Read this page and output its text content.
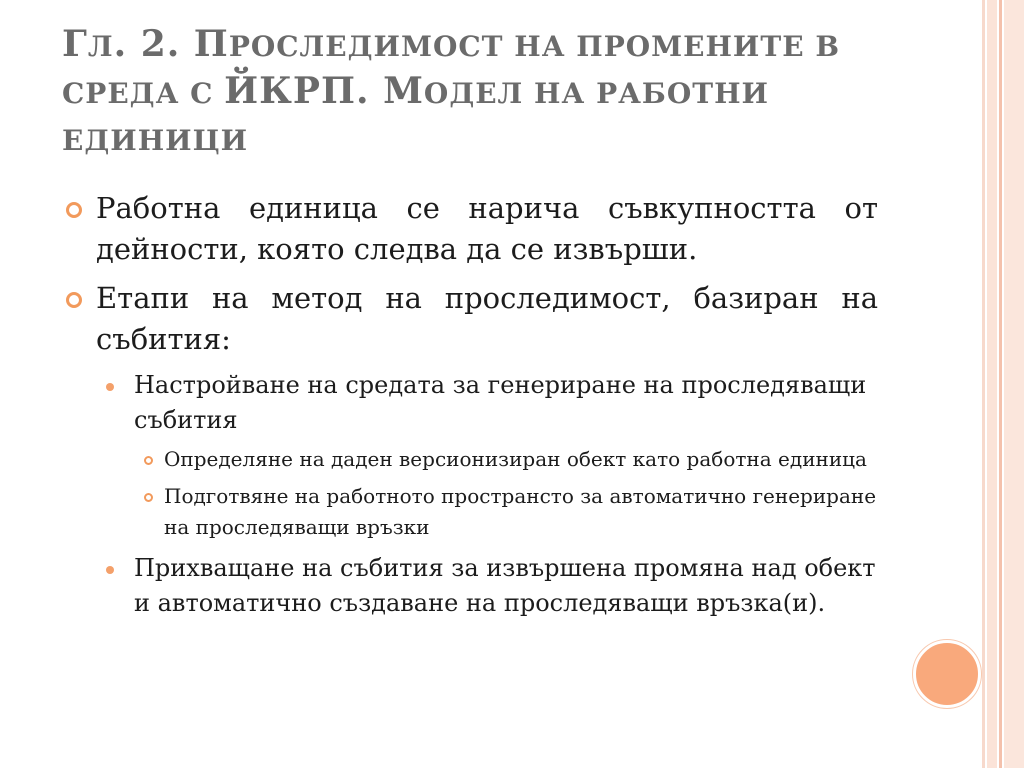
ГЛ. 2. ПРОСЛЕДИМОСТ НА ПРОМЕНИТЕ В СРЕДА С ЙКРП. МОДЕЛ НА РАБОТНИ ЕДИНИЦИ
Работна единица се нарича съвкупността от дейности, която следва да се извърши.
Етапи на метод на проследимост, базиран на събития:
Настройване на средата за генериране на проследяващи събития
Определяне на даден версионизиран обект като работна единица
Подготвяне на работното пространсто за автоматично генериране на проследяващи връзки
Прихващане на събития за извършена промяна над обект и автоматично създаване на проследяващи връзка(и).
